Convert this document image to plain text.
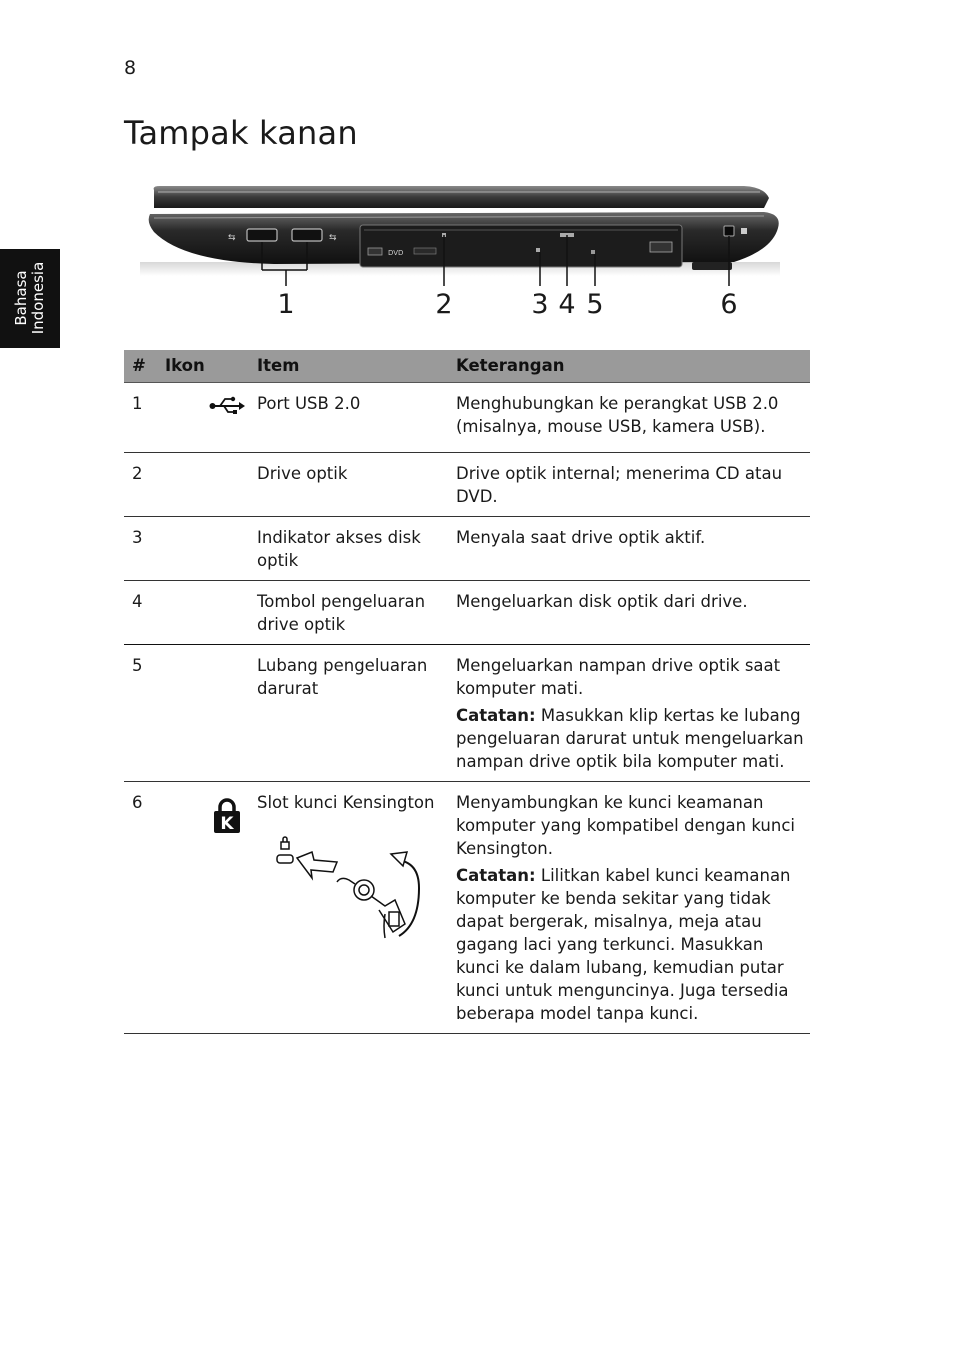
8
Tampak kanan
Bahasa Indonesia
⇆	⇆
DVD
1	2	3 4 5	6
#	Ikon	Item	Keterangan
1		Port USB 2.0	Menghubungkan ke perangkat USB 2.0 (misalnya, mouse USB, kamera USB).
2		Drive optik	Drive optik internal; menerima CD atau DVD.
3		Indikator akses disk optik	Menyala saat drive optik aktif.
4		Tombol pengeluaran drive optik	Mengeluarkan disk optik dari drive.
5		Lubang pengeluaran darurat	Mengeluarkan nampan drive optik saat komputer mati.
Catatan: Masukkan klip kertas ke lubang pengeluaran darurat untuk mengeluarkan nampan drive optik bila komputer mati.

6	K	Slot kunci Kensington	Menyambungkan ke kunci keamanan komputer yang kompatibel dengan kunci Kensington.
Catatan: Lilitkan kabel kunci keamanan komputer ke benda sekitar yang tidak dapat bergerak, misalnya, meja atau gagang laci yang terkunci. Masukkan kunci ke dalam lubang, kemudian putar kunci untuk menguncinya. Juga tersedia beberapa model tanpa kunci.
